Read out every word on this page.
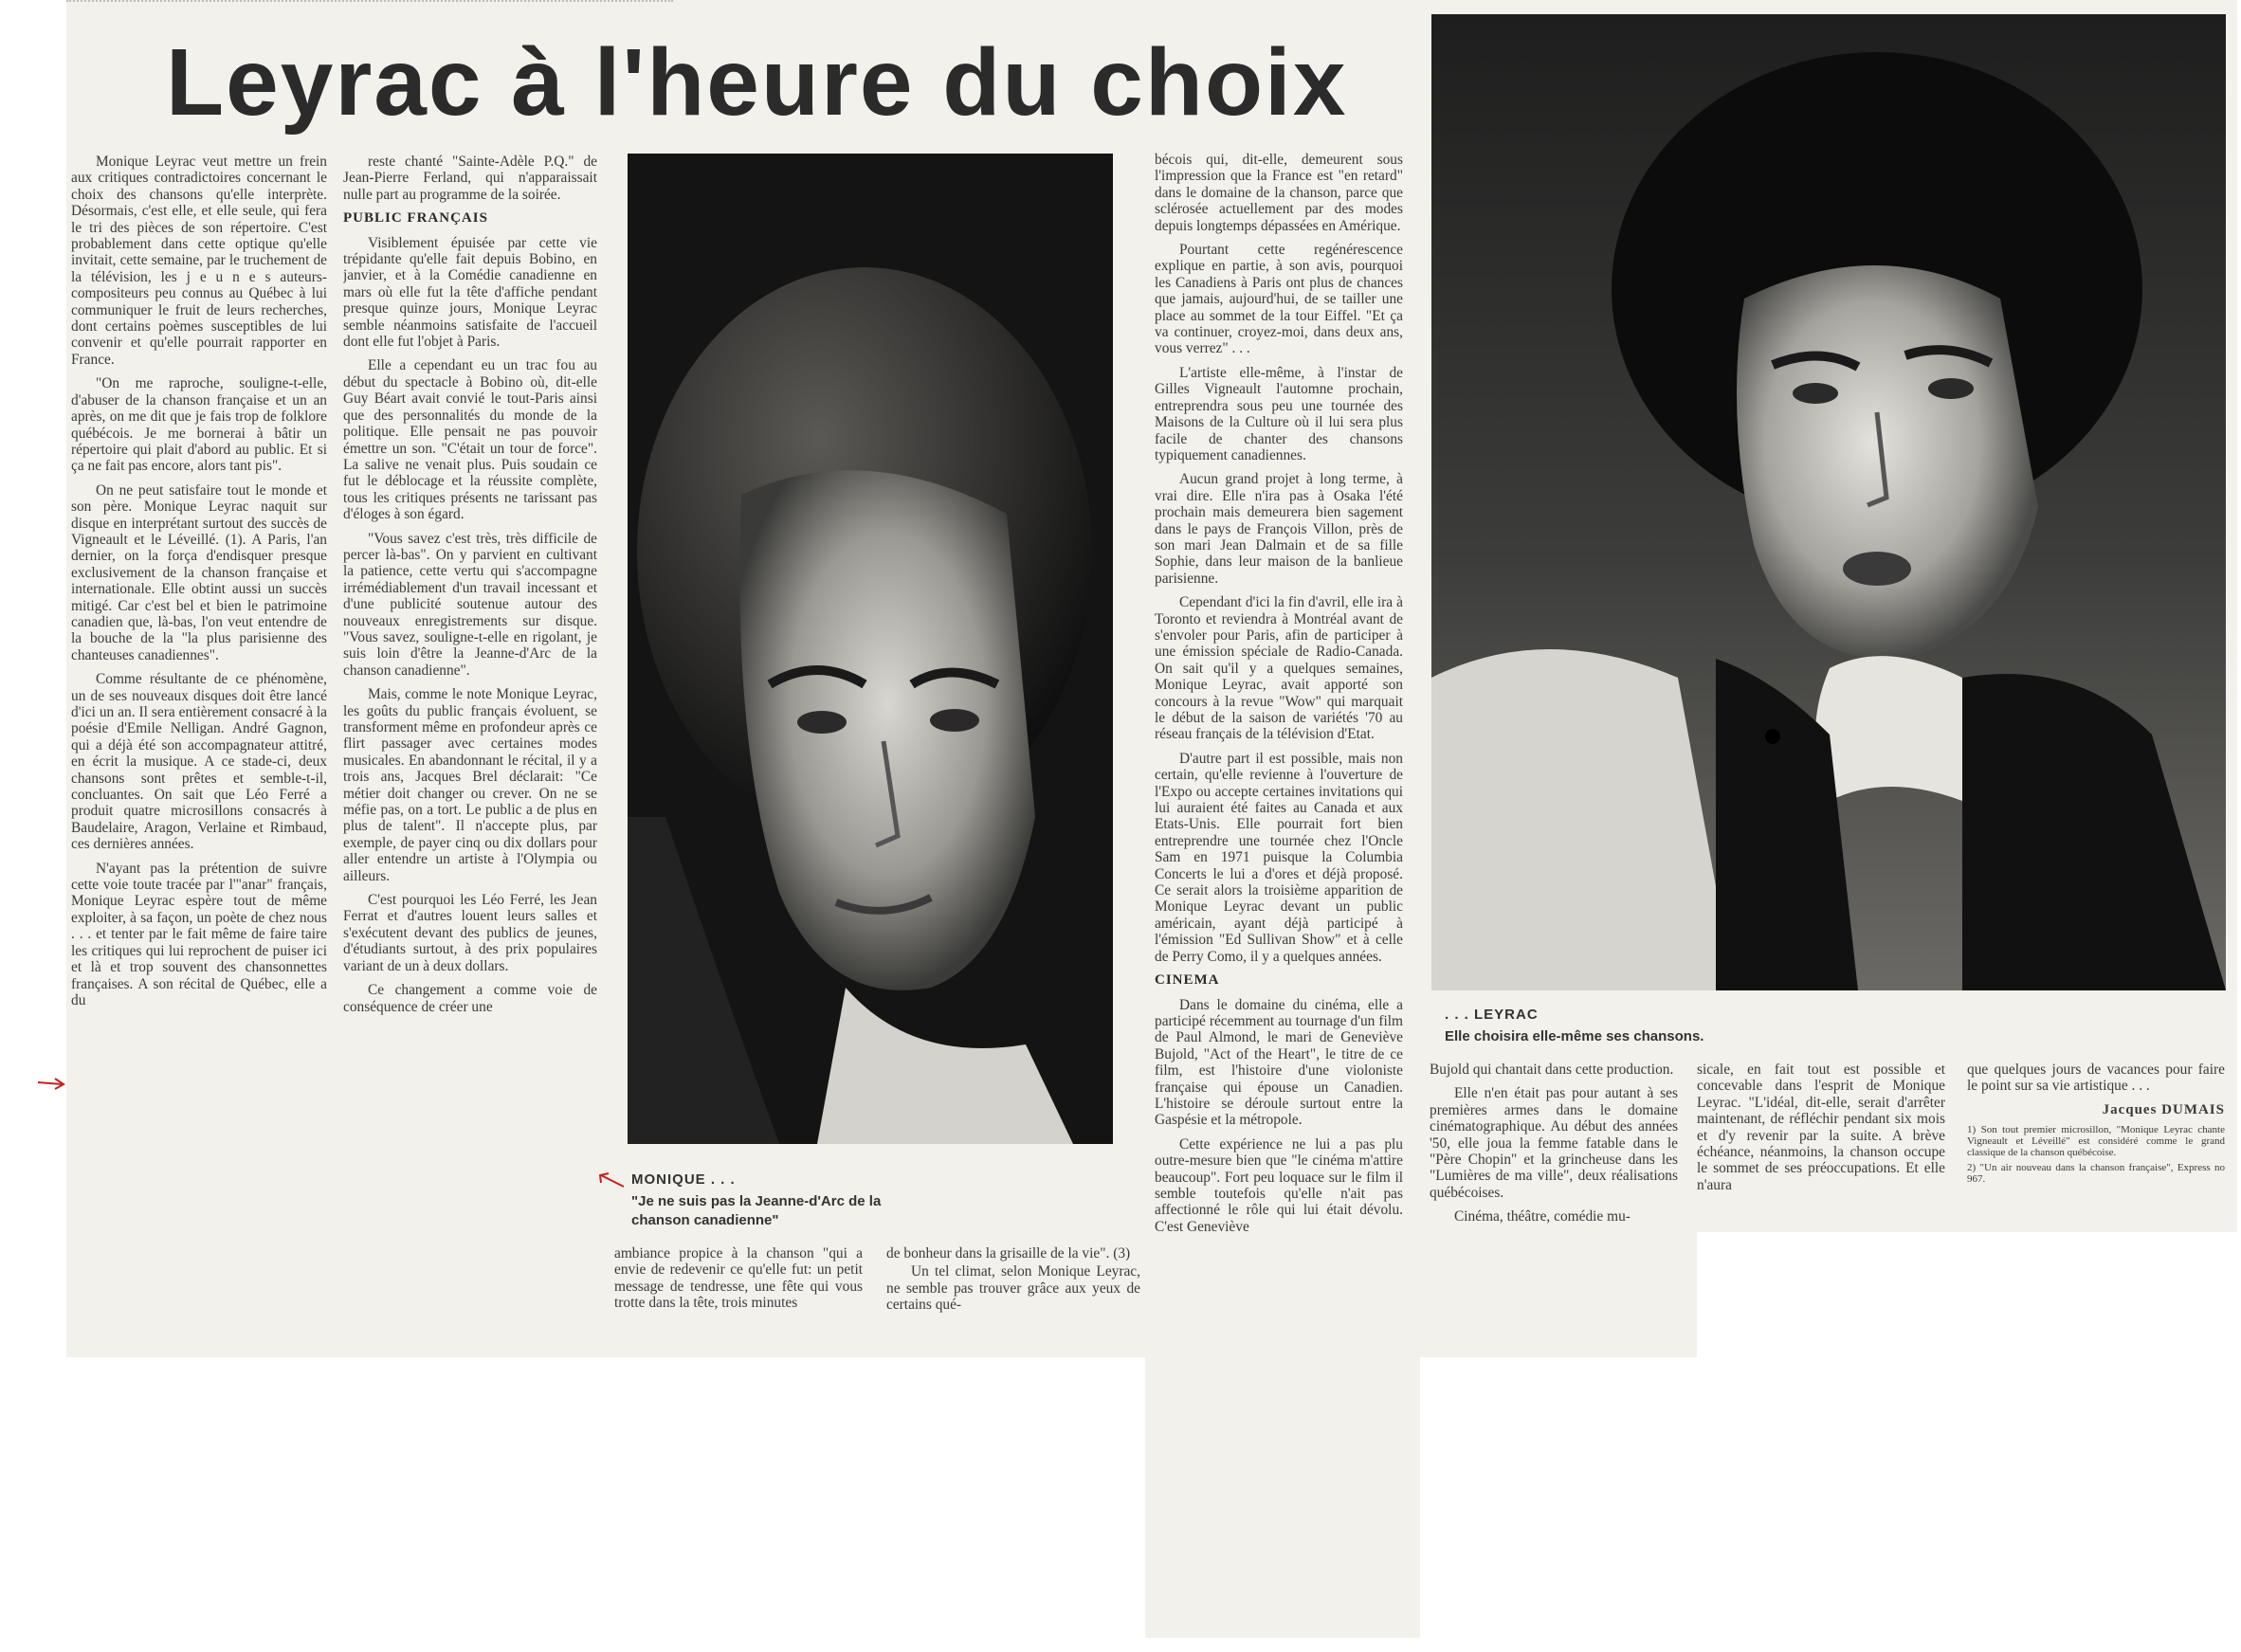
Leyrac à l'heure du choix

Monique Leyrac veut mettre un frein aux critiques contradictoires concernant le choix des chansons qu'elle interprète. Désormais, c'est elle, et elle seule, qui fera le tri des pièces de son répertoire. C'est probablement dans cette optique qu'elle invitait, cette semaine, par le truchement de la télévision, les j e u n e s auteurs-compositeurs peu connus au Québec à lui communiquer le fruit de leurs recherches, dont certains poèmes susceptibles de lui convenir et qu'elle pourrait rapporter en France.

"On me raproche, souligne-t-elle, d'abuser de la chanson française et un an après, on me dit que je fais trop de folklore québécois. Je me bornerai à bâtir un répertoire qui plait d'abord au public. Et si ça ne fait pas encore, alors tant pis".

On ne peut satisfaire tout le monde et son père. Monique Leyrac naquit sur disque en interprétant surtout des succès de Vigneault et le Léveillé. (1). A Paris, l'an dernier, on la força d'endisquer presque exclusivement de la chanson française et internationale. Elle obtint aussi un succès mitigé. Car c'est bel et bien le patrimoine canadien que, là-bas, l'on veut entendre de la bouche de la "la plus parisienne des chanteuses canadiennes".

Comme résultante de ce phénomène, un de ses nouveaux disques doit être lancé d'ici un an. Il sera entièrement consacré à la poésie d'Emile Nelligan. André Gagnon, qui a déjà été son accompagnateur attitré, en écrit la musique. A ce stade-ci, deux chansons sont prêtes et semble-t-il, concluantes. On sait que Léo Ferré a produit quatre microsillons consacrés à Baudelaire, Aragon, Verlaine et Rimbaud, ces dernières années.

N'ayant pas la prétention de suivre cette voie toute tracée par l'"anar" français, Monique Leyrac espère tout de même exploiter, à sa façon, un poète de chez nous . . . et tenter par le fait même de faire taire les critiques qui lui reprochent de puiser ici et là et trop souvent des chansonnettes françaises. A son récital de Québec, elle a du

reste chanté "Sainte-Adèle P.Q." de Jean-Pierre Ferland, qui n'apparaissait nulle part au programme de la soirée.

PUBLIC FRANÇAIS

Visiblement épuisée par cette vie trépidante qu'elle fait depuis Bobino, en janvier, et à la Comédie canadienne en mars où elle fut la tête d'affiche pendant presque quinze jours, Monique Leyrac semble néanmoins satisfaite de l'accueil dont elle fut l'objet à Paris.

Elle a cependant eu un trac fou au début du spectacle à Bobino où, dit-elle Guy Béart avait convié le tout-Paris ainsi que des personnalités du monde de la politique. Elle pensait ne pas pouvoir émettre un son. "C'était un tour de force". La salive ne venait plus. Puis soudain ce fut le déblocage et la réussite complète, tous les critiques présents ne tarissant pas d'éloges à son égard.

"Vous savez c'est très, très difficile de percer là-bas". On y parvient en cultivant la patience, cette vertu qui s'accompagne irrémédiablement d'un travail incessant et d'une publicité soutenue autour des nouveaux enregistrements sur disque. "Vous savez, souligne-t-elle en rigolant, je suis loin d'être la Jeanne-d'Arc de la chanson canadienne".

Mais, comme le note Monique Leyrac, les goûts du public français évoluent, se transforment même en profondeur après ce flirt passager avec certaines modes musicales. En abandonnant le récital, il y a trois ans, Jacques Brel déclarait: "Ce métier doit changer ou crever. On ne se méfie pas, on a tort. Le public a de plus en plus de talent". Il n'accepte plus, par exemple, de payer cinq ou dix dollars pour aller entendre un artiste à l'Olympia ou ailleurs.

C'est pourquoi les Léo Ferré, les Jean Ferrat et d'autres louent leurs salles et s'exécutent devant des publics de jeunes, d'étudiants surtout, à des prix populaires variant de un à deux dollars.

Ce changement a comme voie de conséquence de créer une

MONIQUE . . .
"Je ne suis pas la Jeanne-d'Arc de la chanson canadienne"

ambiance propice à la chanson "qui a envie de redevenir ce qu'elle fut: un petit message de tendresse, une fête qui vous trotte dans la tête, trois minutes

de bonheur dans la grisaille de la vie". (3)

Un tel climat, selon Monique Leyrac, ne semble pas trouver grâce aux yeux de certains qué-

bécois qui, dit-elle, demeurent sous l'impression que la France est "en retard" dans le domaine de la chanson, parce que sclérosée actuellement par des modes depuis longtemps dépassées en Amérique.

Pourtant cette regénérescence explique en partie, à son avis, pourquoi les Canadiens à Paris ont plus de chances que jamais, aujourd'hui, de se tailler une place au sommet de la tour Eiffel. "Et ça va continuer, croyez-moi, dans deux ans, vous verrez" . . .

L'artiste elle-même, à l'instar de Gilles Vigneault l'automne prochain, entreprendra sous peu une tournée des Maisons de la Culture où il lui sera plus facile de chanter des chansons typiquement canadiennes.

Aucun grand projet à long terme, à vrai dire. Elle n'ira pas à Osaka l'été prochain mais demeurera bien sagement dans le pays de François Villon, près de son mari Jean Dalmain et de sa fille Sophie, dans leur maison de la banlieue parisienne.

Cependant d'ici la fin d'avril, elle ira à Toronto et reviendra à Montréal avant de s'envoler pour Paris, afin de participer à une émission spéciale de Radio-Canada. On sait qu'il y a quelques semaines, Monique Leyrac, avait apporté son concours à la revue "Wow" qui marquait le début de la saison de variétés '70 au réseau français de la télévision d'Etat.

D'autre part il est possible, mais non certain, qu'elle revienne à l'ouverture de l'Expo ou accepte certaines invitations qui lui auraient été faites au Canada et aux Etats-Unis. Elle pourrait fort bien entreprendre une tournée chez l'Oncle Sam en 1971 puisque la Columbia Concerts le lui a d'ores et déjà proposé. Ce serait alors la troisième apparition de Monique Leyrac devant un public américain, ayant déjà participé à l'émission "Ed Sullivan Show" et à celle de Perry Como, il y a quelques années.

CINEMA

Dans le domaine du cinéma, elle a participé récemment au tournage d'un film de Paul Almond, le mari de Geneviève Bujold, "Act of the Heart", le titre de ce film, est l'histoire d'une violoniste française qui épouse un Canadien. L'histoire se déroule surtout entre la Gaspésie et la métropole.

Cette expérience ne lui a pas plu outre-mesure bien que "le cinéma m'attire beaucoup". Fort peu loquace sur le film il semble toutefois qu'elle n'ait pas affectionné le rôle qui lui était dévolu. C'est Geneviève

. . . LEYRAC
Elle choisira elle-même ses chansons.

Bujold qui chantait dans cette production.

Elle n'en était pas pour autant à ses premières armes dans le domaine cinématographique. Au début des années '50, elle joua la femme fatable dans le "Père Chopin" et la grincheuse dans les "Lumières de ma ville", deux réalisations québécoises.

Cinéma, théâtre, comédie mu-

sicale, en fait tout est possible et concevable dans l'esprit de Monique Leyrac. "L'idéal, dit-elle, serait d'arrêter maintenant, de réfléchir pendant six mois et d'y revenir par la suite. A brève échéance, néanmoins, la chanson occupe le sommet de ses préoccupations. Et elle n'aura

que quelques jours de vacances pour faire le point sur sa vie artistique . . .

Jacques DUMAIS

1) Son tout premier microsillon, "Monique Leyrac chante Vigneault et Léveillé" est considéré comme le grand classique de la chanson québécoise.

2) "Un air nouveau dans la chanson française", Express no 967.
